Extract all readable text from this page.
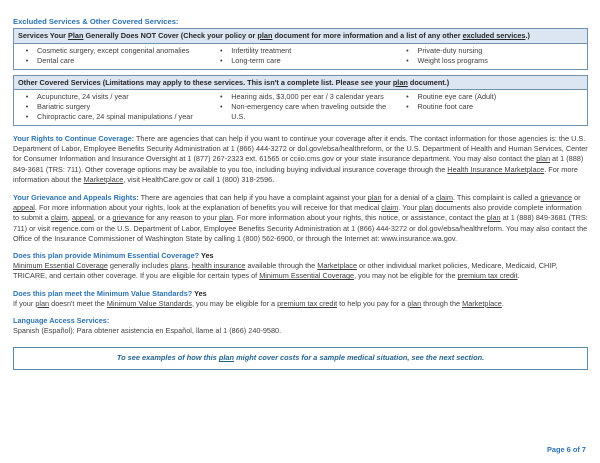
Excluded Services & Other Covered Services:
Services Your Plan Generally Does NOT Cover (Check your policy or plan document for more information and a list of any other excluded services.)
•	Cosmetic surgery, except congenital anomalies
•	Dental care
•	Infertility treatment
•	Long-term care
•	Private-duty nursing
•	Weight loss programs
Other Covered Services (Limitations may apply to these services. This isn't a complete list. Please see your plan document.)
•	Acupuncture, 24 visits / year
•	Bariatric surgery
•	Chiropractic care, 24 spinal manipulations / year
•	Hearing aids, $3,000 per ear / 3 calendar years
•	Non-emergency care when traveling outside the U.S.
•	Routine eye care (Adult)
•	Routine foot care

Your Rights to Continue Coverage: There are agencies that can help if you want to continue your coverage after it ends. The contact information for those agencies is: the U.S. Department of Labor, Employee Benefits Security Administration at 1 (866) 444-3272 or dol.gov/ebsa/healthreform, or the U.S. Department of Health and Human Services, Center for Consumer Information and Insurance Oversight at 1 (877) 267-2323 ext. 61565 or cciio.cms.gov or your state insurance department. You may also contact the plan at 1 (888) 849-3681 (TRS: 711). Other coverage options may be available to you too, including buying individual insurance coverage through the Health Insurance Marketplace. For more information about the Marketplace, visit HealthCare.gov or call 1 (800) 318-2596.

Your Grievance and Appeals Rights: There are agencies that can help if you have a complaint against your plan for a denial of a claim. This complaint is called a grievance or appeal. For more information about your rights, look at the explanation of benefits you will receive for that medical claim. Your plan documents also provide complete information to submit a claim, appeal, or a grievance for any reason to your plan. For more information about your rights, this notice, or assistance, contact the plan at 1 (888) 849-3681 (TRS: 711) or visit regence.com or the U.S. Department of Labor, Employee Benefits Security Administration at 1 (866) 444-3272 or dol.gov/ebsa/healthreform. You may also contact the Office of the Insurance Commissioner of Washington State by calling 1 (800) 562-6900, or through the Internet at: www.insurance.wa.gov.

Does this plan provide Minimum Essential Coverage? Yes
Minimum Essential Coverage generally includes plans, health insurance available through the Marketplace or other individual market policies, Medicare, Medicaid, CHIP, TRICARE, and certain other coverage. If you are eligible for certain types of Minimum Essential Coverage, you may not be eligible for the premium tax credit.
Does this plan meet the Minimum Value Standards? Yes
If your plan doesn't meet the Minimum Value Standards, you may be eligible for a premium tax credit to help you pay for a plan through the Marketplace.
Language Access Services:
Spanish (Español): Para obtener asistencia en Español, llame al 1 (866) 240-9580.
To see examples of how this plan might cover costs for a sample medical situation, see the next section.
Page 6 of 7
